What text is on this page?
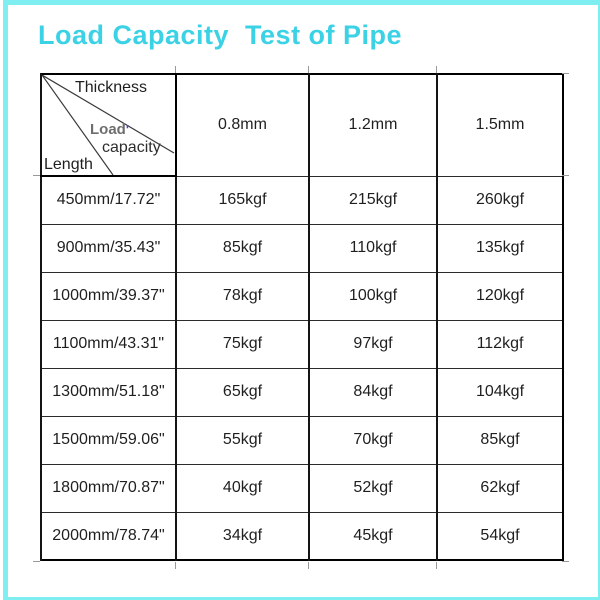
Load Capacity  Test of Pipe
Thickness
Load'
capacity
Length	0.8mm	1.2mm	1.5mm
450mm/17.72"	165kgf	215kgf	260kgf
900mm/35.43"	85kgf	110kgf	135kgf
1000mm/39.37"	78kgf	100kgf	120kgf
1100mm/43.31"	75kgf	97kgf	112kgf
1300mm/51.18"	65kgf	84kgf	104kgf
1500mm/59.06"	55kgf	70kgf	85kgf
1800mm/70.87"	40kgf	52kgf	62kgf
2000mm/78.74"	34kgf	45kgf	54kgf
